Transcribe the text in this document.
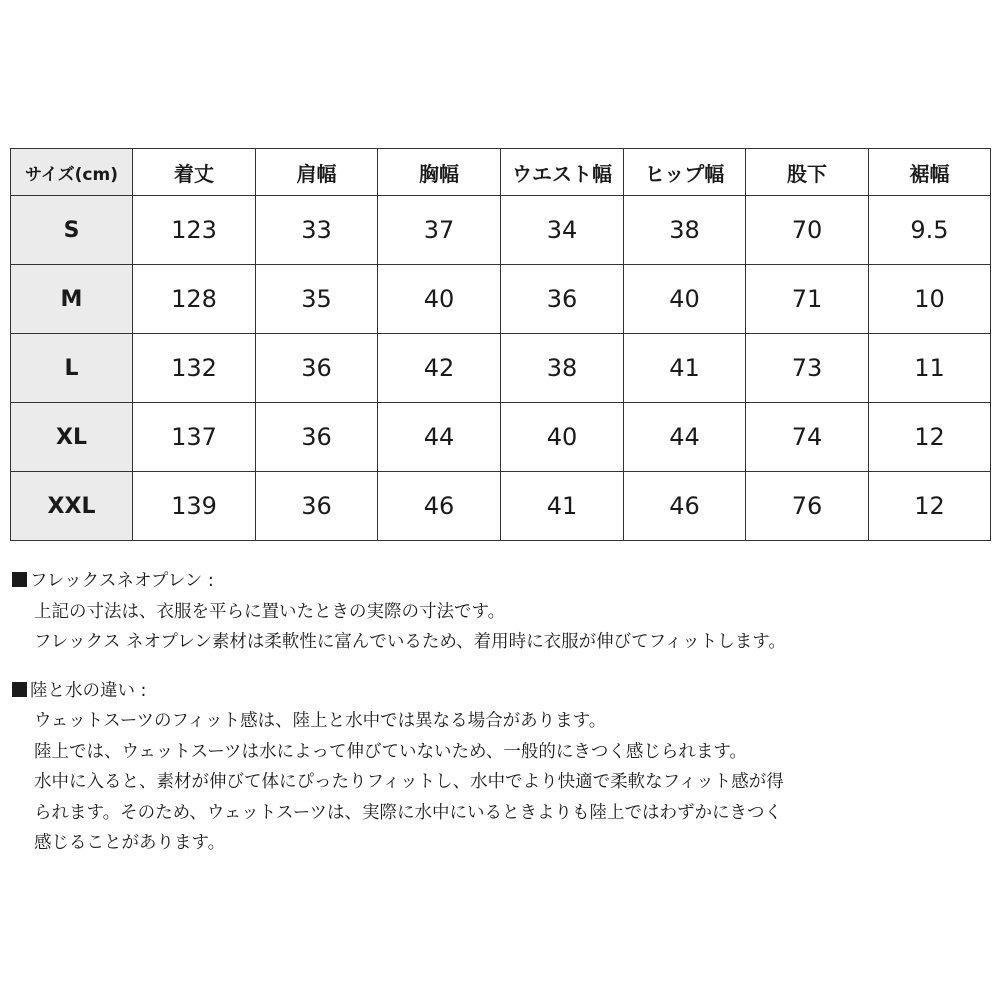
サイズ(cm)	着丈	肩幅	胸幅	ウエスト幅	ヒップ幅	股下	裾幅
S	123	33	37	34	38	70	9.5
M	128	35	40	36	40	71	10
L	132	36	42	38	41	73	11
XL	137	36	44	40	44	74	12
XXL	139	36	46	41	46	76	12
フレックスネオプレン :
上記の寸法は、衣服を平らに置いたときの実際の寸法です。
フレックス ネオプレン素材は柔軟性に富んでいるため、着用時に衣服が伸びてフィットします。
陸と水の違い :
ウェットスーツのフィット感は、陸上と水中では異なる場合があります。
陸上では、ウェットスーツは水によって伸びていないため、一般的にきつく感じられます。
水中に入ると、素材が伸びて体にぴったりフィットし、水中でより快適で柔軟なフィット感が得
られます。そのため、ウェットスーツは、実際に水中にいるときよりも陸上ではわずかにきつく
感じることがあります。
